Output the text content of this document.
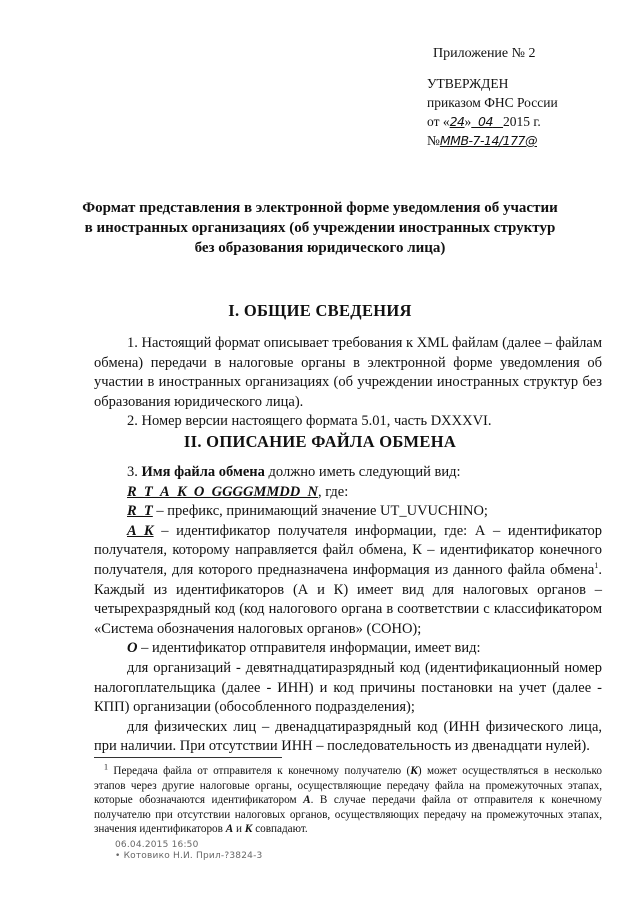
Приложение № 2
УТВЕРЖДЕН
приказом ФНС России
от «24» 04 2015 г.
№ММВ-7-14/177@
Формат представления в электронной форме уведомления об участии в иностранных организациях (об учреждении иностранных структур без образования юридического лица)
I. ОБЩИЕ СВЕДЕНИЯ

1. Настоящий формат описывает требования к XML файлам (далее – файлам обмена) передачи в налоговые органы в электронной форме уведомления об участии в иностранных организациях (об учреждении иностранных структур без образования юридического лица).

2. Номер версии настоящего формата 5.01, часть DXXXVI.

II. ОПИСАНИЕ ФАЙЛА ОБМЕНА

3. Имя файла обмена должно иметь следующий вид:

R_T_A_K_O_GGGGMMDD_N, где:

R_T – префикс, принимающий значение UT_UVUCHINO;

A_K – идентификатор получателя информации, где: А – идентификатор получателя, которому направляется файл обмена, К – идентификатор конечного получателя, для которого предназначена информация из данного файла обмена$^1$. Каждый из идентификаторов (А и К) имеет вид для налоговых органов – четырехразрядный код (код налогового органа в соответствии с классификатором «Система обозначения налоговых органов» (СОНО);

O – идентификатор отправителя информации, имеет вид:

для организаций - девятнадцатиразрядный код (идентификационный номер налогоплательщика (далее - ИНН) и код причины постановки на учет (далее - КПП) организации (обособленного подразделения);

для физических лиц – двенадцатиразрядный код (ИНН физического лица, при наличии. При отсутствии ИНН – последовательность из двенадцати нулей).

$^1$ Передача файла от отправителя к конечному получателю (К) может осуществляться в несколько этапов через другие налоговые органы, осуществляющие передачу файла на промежуточных этапах, которые обозначаются идентификатором А. В случае передачи файла от отправителя к конечному получателю при отсутствии налоговых органов, осуществляющих передачу на промежуточных этапах, значения идентификаторов А и К совпадают.

06.04.2015 16:50
• Котовико Н.И. Прил-?3824-3
